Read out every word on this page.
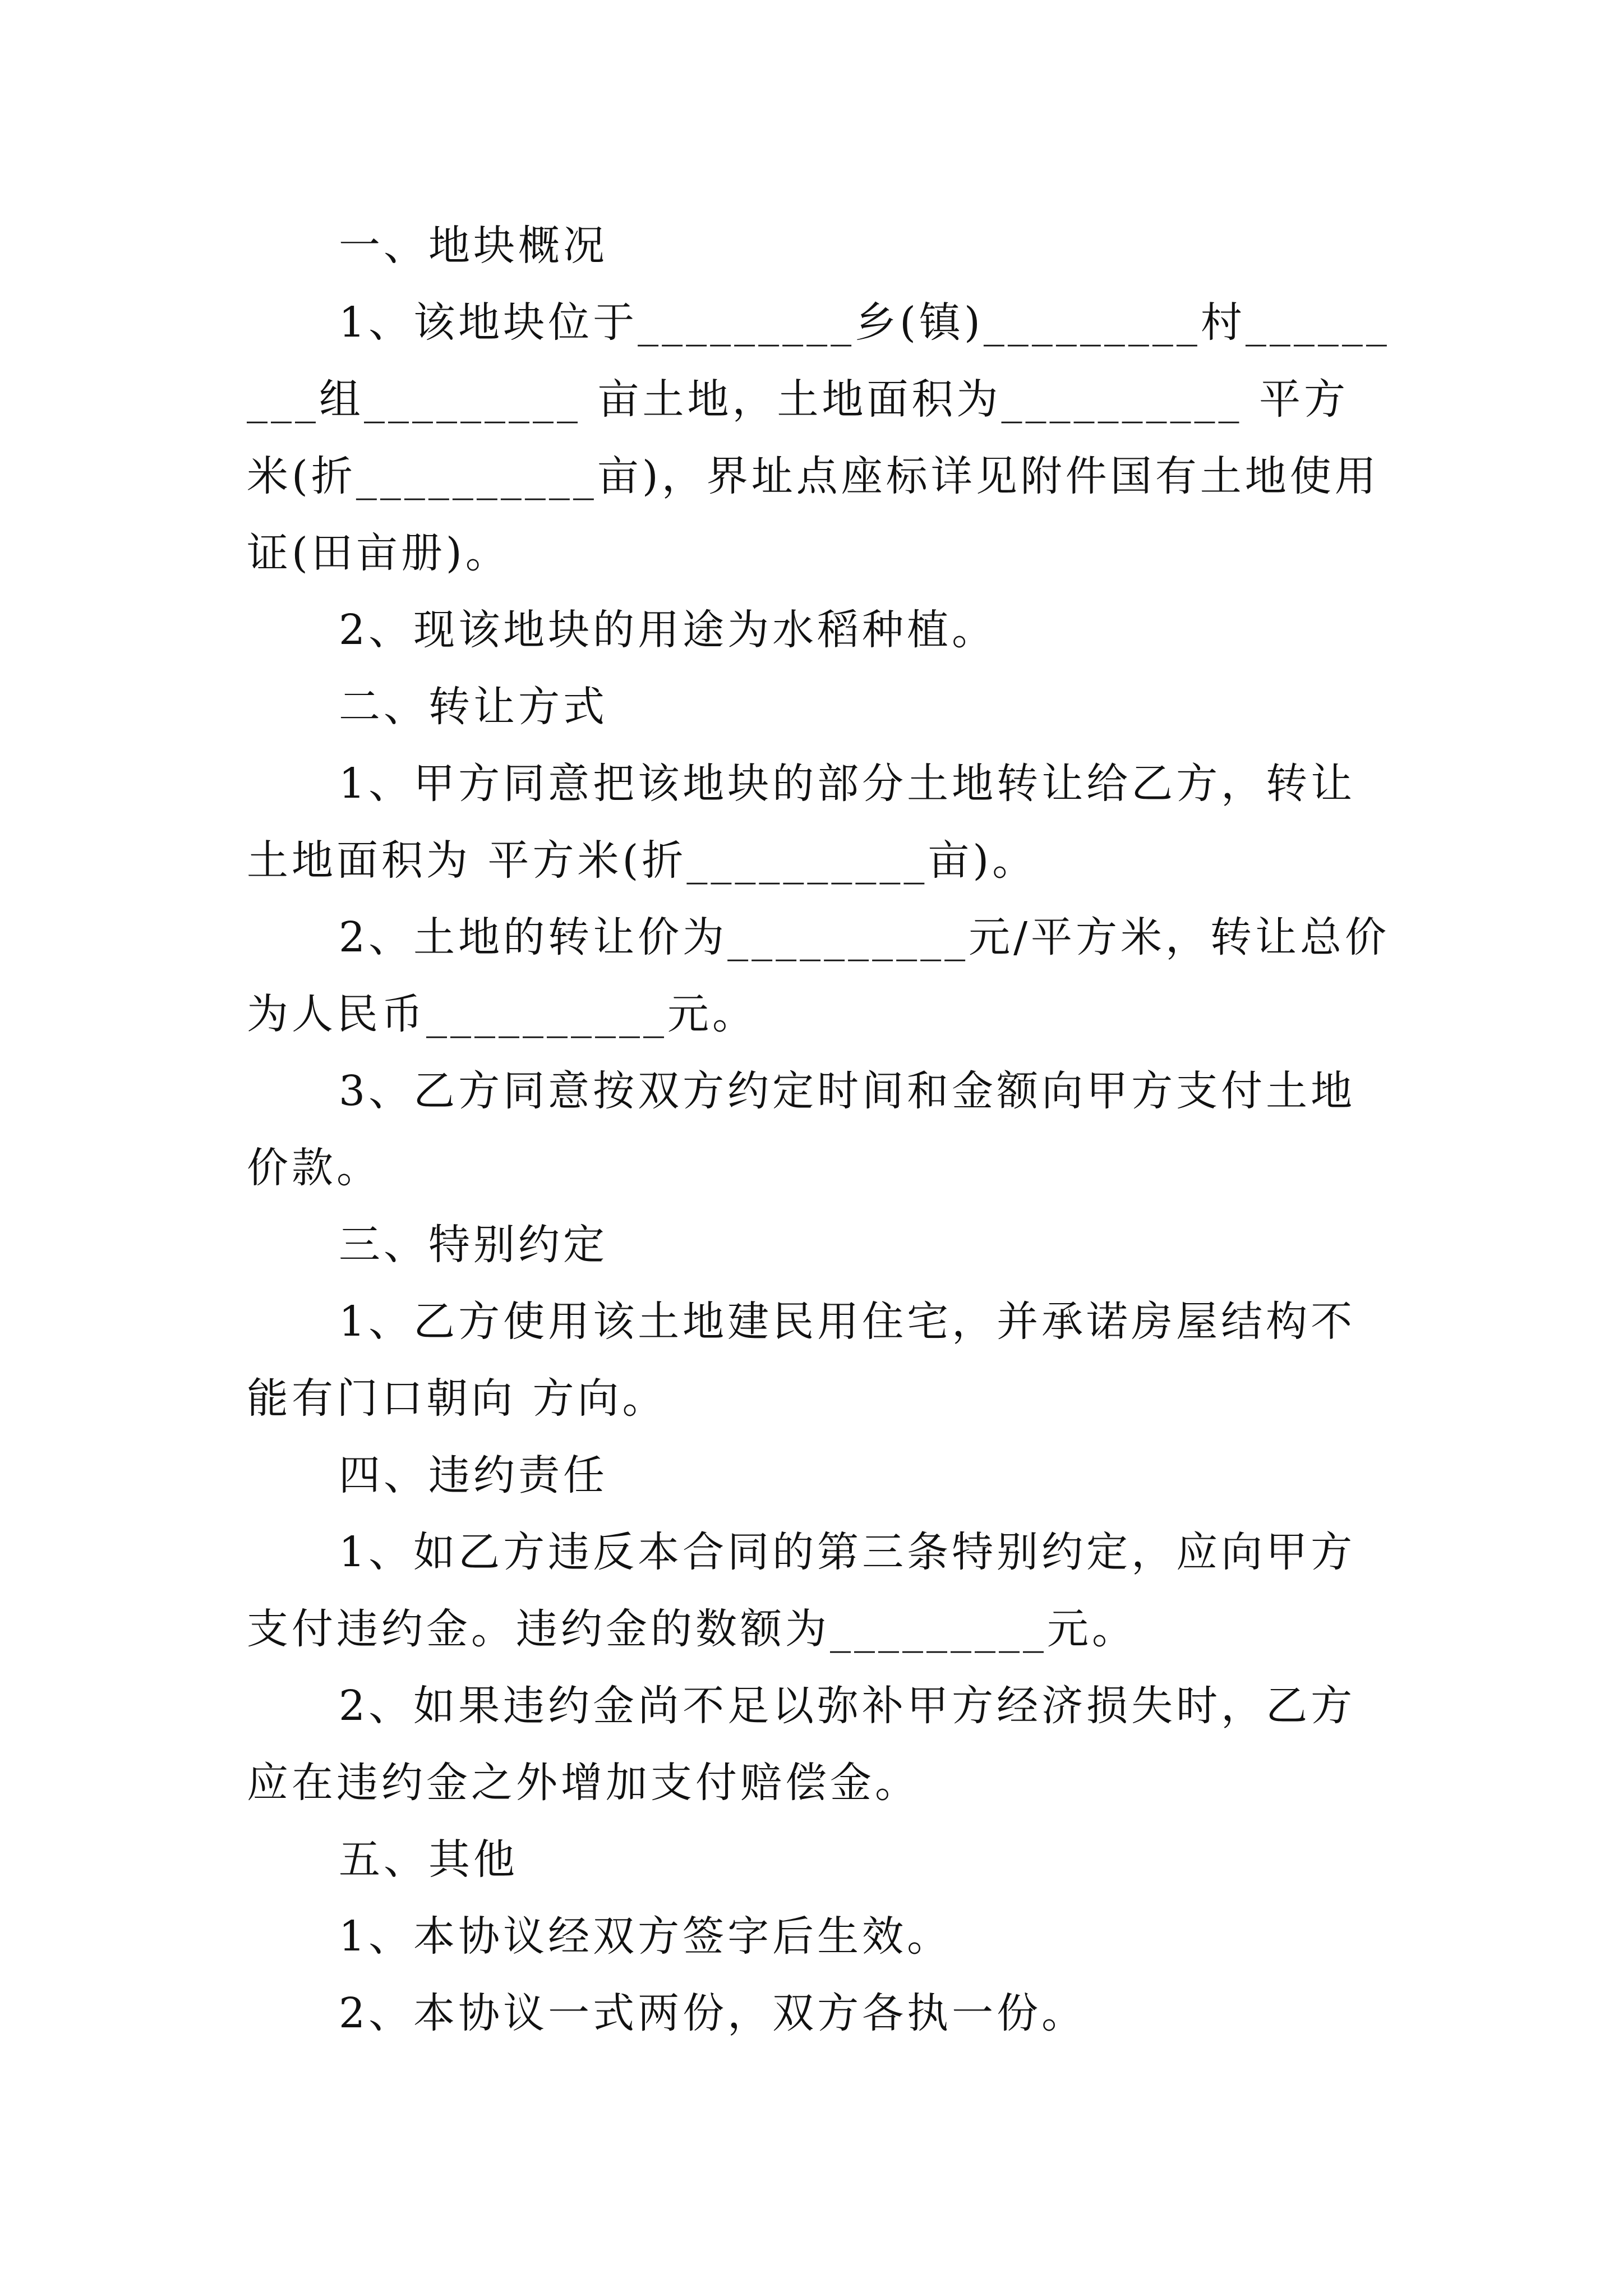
一、地块概况

1、该地块位于_________乡(镇)_________村_________组_________ 亩土地，土地面积为__________ 平方米(折__________亩)，界址点座标详见附件国有土地使用证(田亩册)。

2、现该地块的用途为水稻种植。

二、转让方式

1、甲方同意把该地块的部分土地转让给乙方，转让土地面积为 平方米(折__________亩)。

2、土地的转让价为__________元/平方米，转让总价为人民币__________元。

3、乙方同意按双方约定时间和金额向甲方支付土地价款。

三、特别约定

1、乙方使用该土地建民用住宅，并承诺房屋结构不能有门口朝向 方向。

四、违约责任

1、如乙方违反本合同的第三条特别约定，应向甲方支付违约金。违约金的数额为_________元。

2、如果违约金尚不足以弥补甲方经济损失时，乙方应在违约金之外增加支付赔偿金。

五、其他

1、本协议经双方签字后生效。

2、本协议一式两份，双方各执一份。
